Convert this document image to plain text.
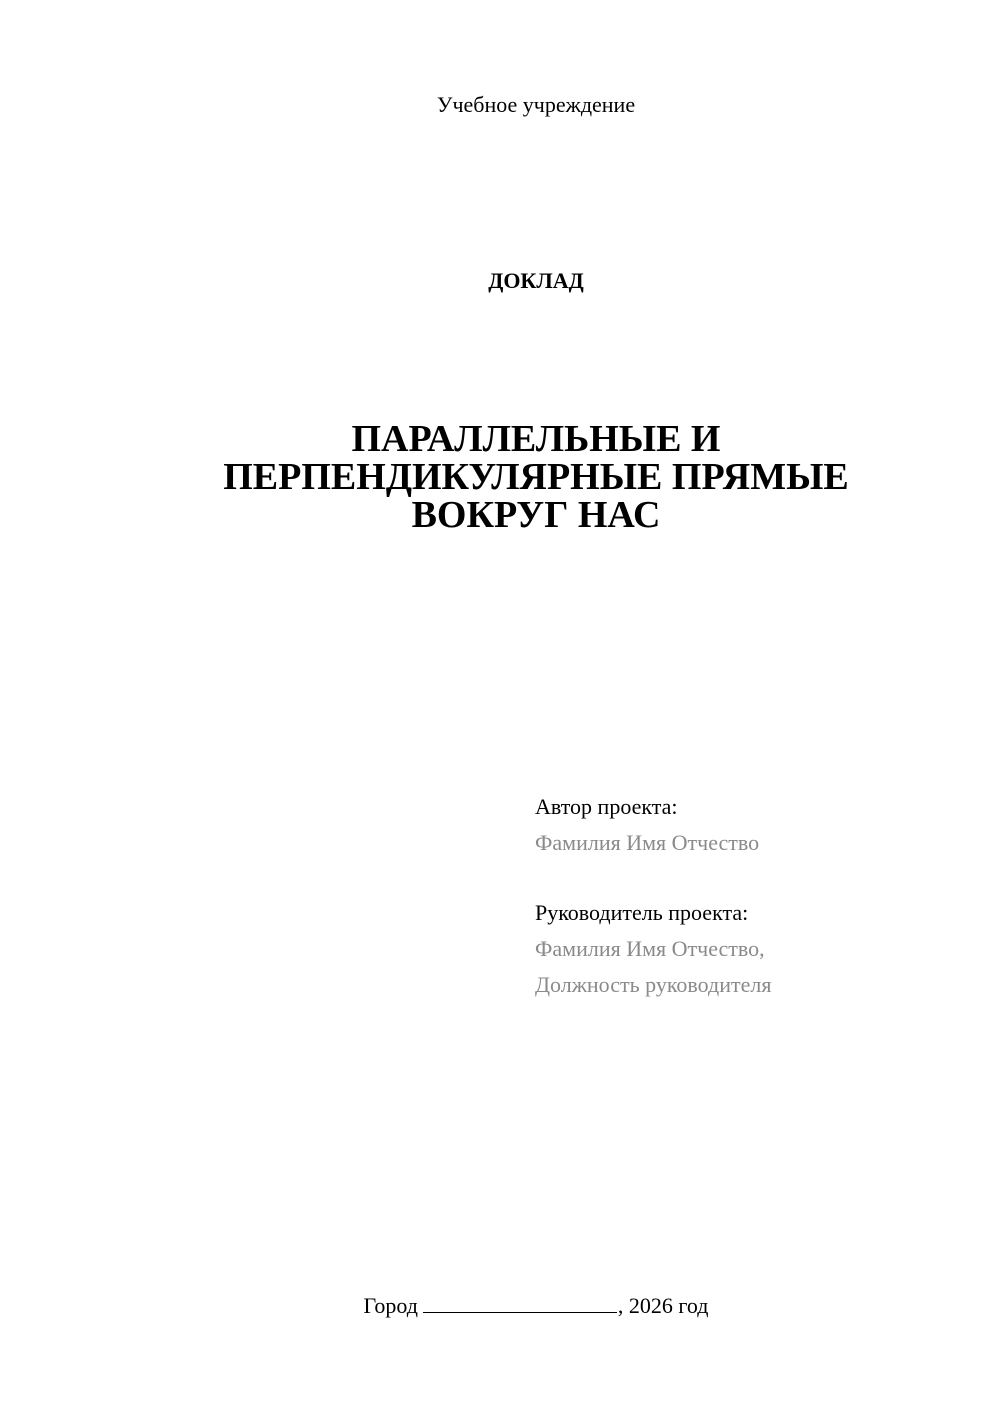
Учебное учреждение
ДОКЛАД
ПАРАЛЛЕЛЬНЫЕ И
ПЕРПЕНДИКУЛЯРНЫЕ ПРЯМЫЕ
ВОКРУГ НАС
Автор проекта:
Фамилия Имя Отчество
Руководитель проекта:
Фамилия Имя Отчество,
Должность руководителя
Город	, 2026 год
